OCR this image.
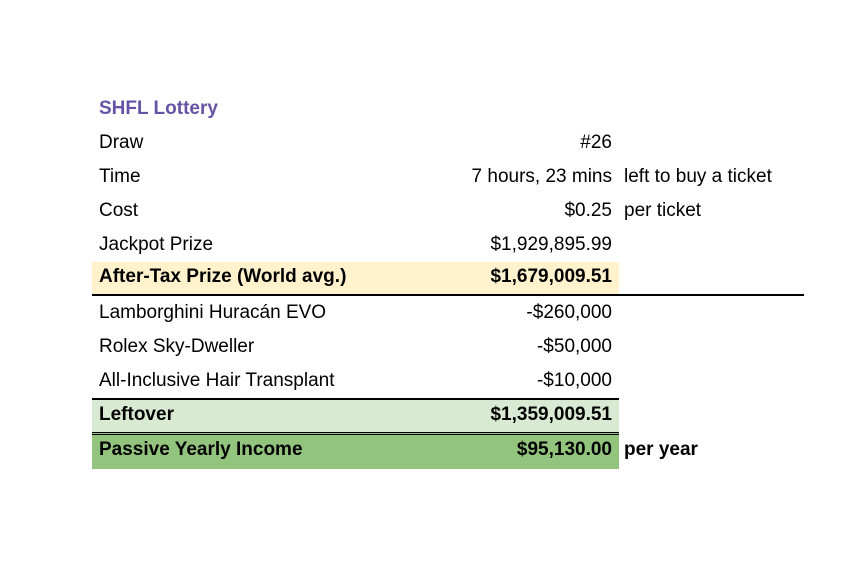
SHFL Lottery
Draw	#26
Time	7 hours, 23 mins left to buy a ticket
Cost	$0.25 per ticket
Jackpot Prize	$1,929,895.99
After-Tax Prize (World avg.)	$1,679,009.51
Lamborghini Huracán EVO	-$260,000
Rolex Sky-Dweller	-$50,000
All-Inclusive Hair Transplant	-$10,000
Leftover	$1,359,009.51
Passive Yearly Income	$95,130.00 per year
